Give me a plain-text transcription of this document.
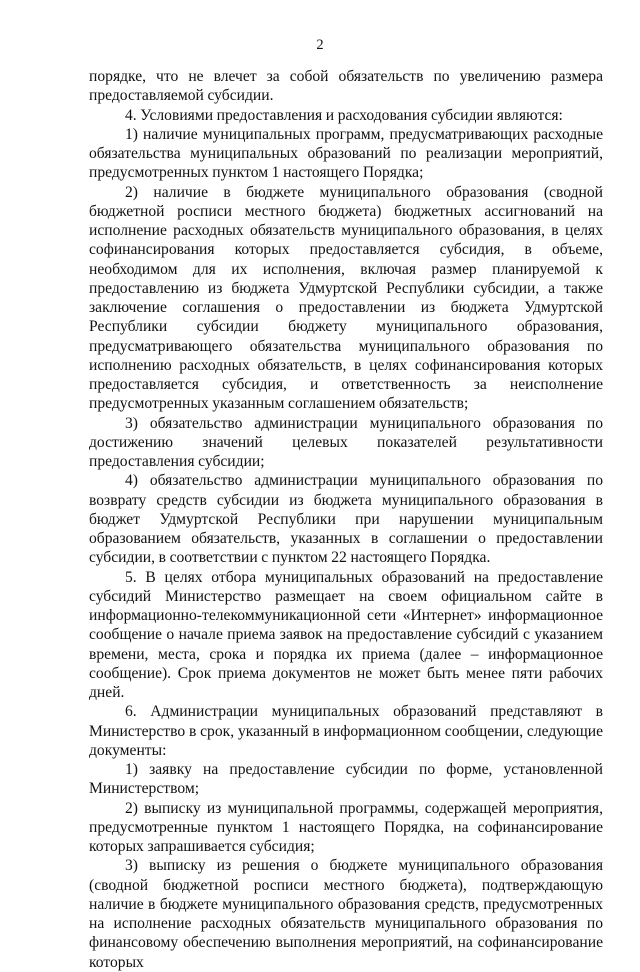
2

порядке, что не влечет за собой обязательств по увеличению размера предоставляемой субсидии.

4. Условиями предоставления и расходования субсидии являются:

1) наличие муниципальных программ, предусматривающих расходные обязательства муниципальных образований по реализации мероприятий, предусмотренных пунктом 1 настоящего Порядка;

2) наличие в бюджете муниципального образования (сводной бюджетной росписи местного бюджета) бюджетных ассигнований на исполнение расходных обязательств муниципального образования, в целях софинансирования которых предоставляется субсидия, в объеме, необходимом для их исполнения, включая размер планируемой к предоставлению из бюджета Удмуртской Республики субсидии, а также заключение соглашения о предоставлении из бюджета Удмуртской Республики субсидии бюджету муниципального образования, предусматривающего обязательства муниципального образования по исполнению расходных обязательств, в целях софинансирования которых предоставляется субсидия, и ответственность за неисполнение предусмотренных указанным соглашением обязательств;

3) обязательство администрации муниципального образования по достижению значений целевых показателей результативности предоставления субсидии;

4) обязательство администрации муниципального образования по возврату средств субсидии из бюджета муниципального образования в бюджет Удмуртской Республики при нарушении муниципальным образованием обязательств, указанных в соглашении о предоставлении субсидии, в соответствии с пунктом 22 настоящего Порядка.

5. В целях отбора муниципальных образований на предоставление субсидий Министерство размещает на своем официальном сайте в информационно-телекоммуникационной сети «Интернет» информационное сообщение о начале приема заявок на предоставление субсидий с указанием времени, места, срока и порядка их приема (далее – информационное сообщение). Срок приема документов не может быть менее пяти рабочих дней.

6. Администрации муниципальных образований представляют в Министерство в срок, указанный в информационном сообщении, следующие документы:

1) заявку на предоставление субсидии по форме, установленной Министерством;

2) выписку из муниципальной программы, содержащей мероприятия, предусмотренные пунктом 1 настоящего Порядка, на софинансирование которых запрашивается субсидия;

3) выписку из решения о бюджете муниципального образования (сводной бюджетной росписи местного бюджета), подтверждающую наличие в бюджете муниципального образования средств, предусмотренных на исполнение расходных обязательств муниципального образования по финансовому обеспечению выполнения мероприятий, на софинансирование которых
